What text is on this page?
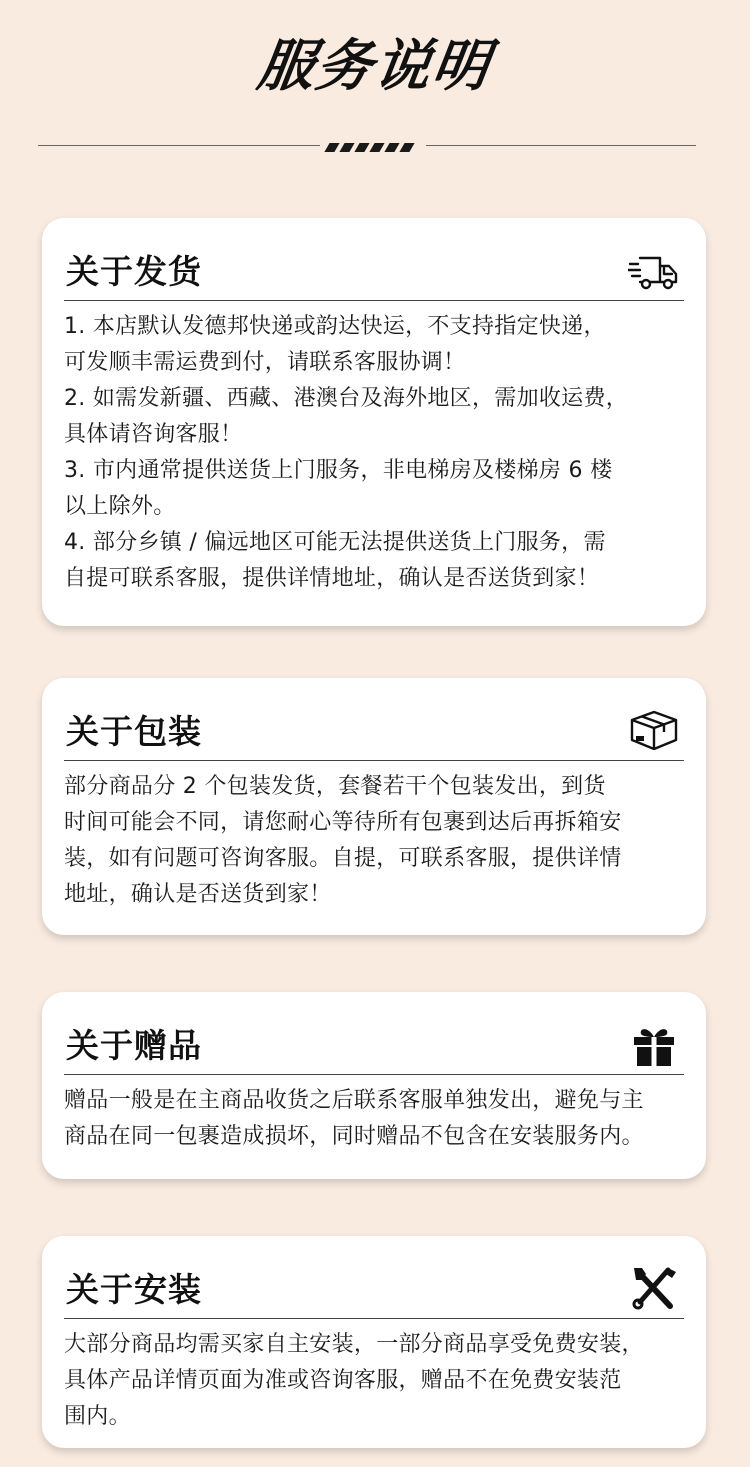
服务说明
关于发货
1. 本店默认发德邦快递或韵达快运，不支持指定快递，
可发顺丰需运费到付，请联系客服协调！
2. 如需发新疆、西藏、港澳台及海外地区，需加收运费，
具体请咨询客服！
3. 市内通常提供送货上门服务，非电梯房及楼梯房 6 楼
以上除外。
4. 部分乡镇 / 偏远地区可能无法提供送货上门服务，需
自提可联系客服，提供详情地址，确认是否送货到家！
关于包装
部分商品分 2 个包装发货，套餐若干个包装发出，到货
时间可能会不同，请您耐心等待所有包裹到达后再拆箱安
装，如有问题可咨询客服。自提，可联系客服，提供详情
地址，确认是否送货到家！
关于赠品
赠品一般是在主商品收货之后联系客服单独发出，避免与主
商品在同一包裹造成损坏，同时赠品不包含在安装服务内。
关于安装
大部分商品均需买家自主安装，一部分商品享受免费安装，
具体产品详情页面为准或咨询客服，赠品不在免费安装范
围内。
